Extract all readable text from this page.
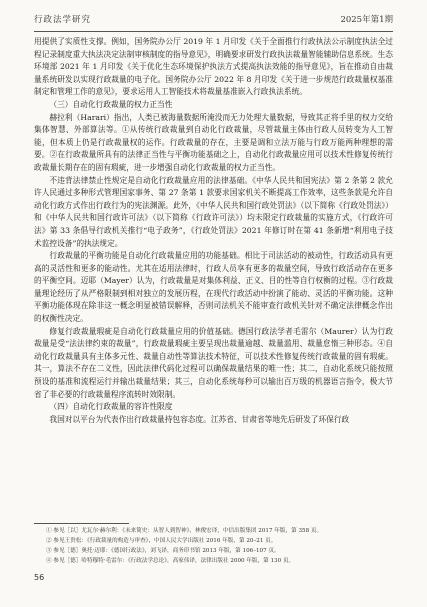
行政法学研究	2025年第1期

用提供了实质性支撑。例如，国务院办公厅 2019 年 1 月印发《关于全面推行行政执法公示制度执法全过程记录制度重大执法决定法制审核制度的指导意见》，明确要求研发行政执法裁量智能辅助信息系统。生态环境部 2021 年 1 月印发《关于优化生态环境保护执法方式提高执法效能的指导意见》，旨在推动自由裁量系统研发以实现行政裁量的电子化。国务院办公厅 2022 年 8 月印发《关于进一步规范行政裁量权基准制定和管理工作的意见》，要求运用人工智能技术将裁量基准嵌入行政执法系统。

（三）自动化行政裁量的权力正当性

赫拉利（Harari）指出，人类已被海量数据所淹没而无力处理大量数据，导致其正将手里的权力交给集体智慧、外部算法等。①从传统行政裁量到自动化行政裁量，尽管裁量主体由行政人员转变为人工智能，但本质上仍是行政裁量权的运作。行政裁量的存在，主要是调和立法万能与行政万能两种理想的需要。②在行政裁量所具有的法律正当性与平衡功能基础之上，自动化行政裁量应用可以技术性修复传统行政裁量长期存在的固有瑕疵，进一步增强自动化行政裁量的权力正当性。

不违背法律禁止性规定是自动化行政裁量应用的法律基础。《中华人民共和国宪法》第 2 条第 2 款允许人民通过多种形式管理国家事务、第 27 条第 1 款要求国家机关不断提高工作效率，这些条款是允许自动化行政方式作出行政行为的宪法渊源。此外，《中华人民共和国行政处罚法》（以下简称《行政处罚法》）和《中华人民共和国行政许可法》（以下简称《行政许可法》）均未限定行政裁量的实施方式，《行政许可法》第 33 条倡导行政机关推行“电子政务”，《行政处罚法》2021 年修订时在第 41 条新增“利用电子技术监控设备”的执法规定。

行政裁量的平衡功能是自动化行政裁量应用的功能基础。相比于司法活动的被动性，行政活动具有更高的灵活性和更多的能动性。尤其在适用法律时，行政人员享有更多的裁量空间，导致行政活动存在更多的平衡空间。迈耶（Mayer）认为，行政裁量是对集体利益、正义、目的性等自行权衡的过程。③行政裁量理论经历了从严格限制到相对独立的发展历程，在现代行政活动中扮演了能动、灵活的平衡功能。这种平衡功能体现在除非这一概念明显被错误解释，否则司法机关不能审查行政机关针对不确定法律概念作出的权衡性决定。

修复行政裁量瑕疵是自动化行政裁量应用的价值基础。德国行政法学者毛雷尔（Maurer）认为行政裁量是受“法法律约束的裁量”，行政裁量瑕疵主要呈现出裁量逾越、裁量滥用、裁量怠惰三种形态。④自动化行政裁量具有主体多元性、裁量自动性等算法技术特征，可以技术性修复传统行政裁量的固有瑕疵。其一，算法不存在二义性，因此法律代码化过程可以确保裁量结果的唯一性；其二，自动化系统只能按照预设的基准和流程运行并输出裁量结果；其三，自动化系统每秒可以输出百万级的机器语言指令，极大节省了非必要的行政裁量程序流转时效限制。

（四）自动化行政裁量的容许性限度

我国对以平台为代表作出行政裁量持包容态度。江苏省、甘肃省等地先后研发了环保行政

① 参见［以］尤瓦尔·赫尔利：《未来简史：从智人到智神》，林俊宏译，中信出版集团 2017 年版，第 358 页。

② 参见王贵松：《行政裁量的构造与审查》，中国人民大学出版社 2016 年版，第 20–21 页。

③ 参见［德］奥托·迈耶：《德国行政法》，刘飞译，商务印书馆 2013 年版，第 106–107 页。

④ 参见［德］哈特穆特·毛雷尔：《行政法学总论》，高家伟译，法律出版社 2000 年版，第 130 页。

56
